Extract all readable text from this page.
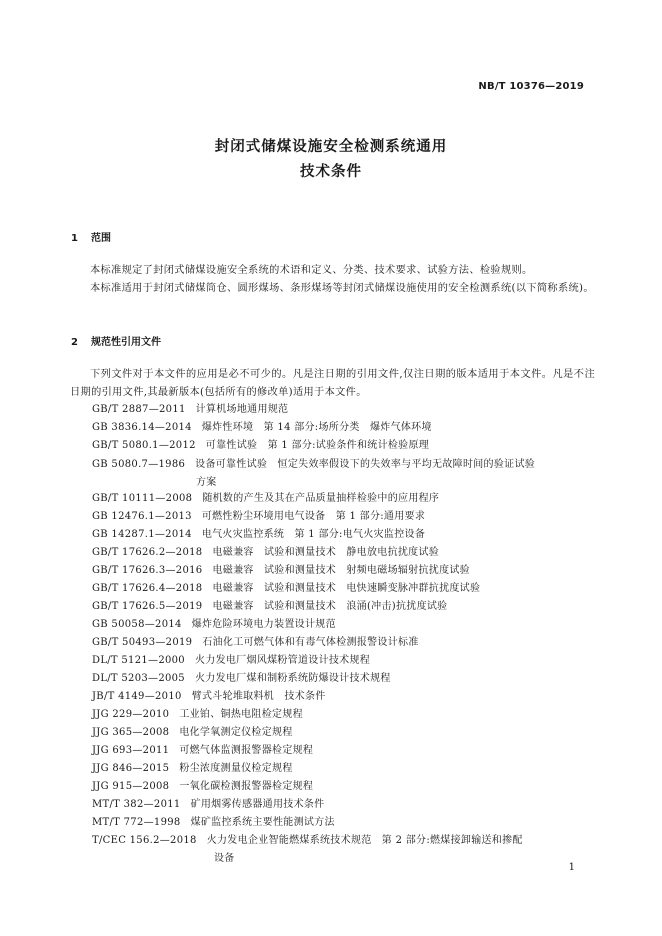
NB/T 10376—2019
封闭式储煤设施安全检测系统通用
技术条件
1 范围
本标准规定了封闭式储煤设施安全系统的术语和定义、分类、技术要求、试验方法、检验规则。
本标准适用于封闭式储煤筒仓、圆形煤场、条形煤场等封闭式储煤设施使用的安全检测系统(以下简称系统)。
2 规范性引用文件
下列文件对于本文件的应用是必不可少的。凡是注日期的引用文件,仅注日期的版本适用于本文件。凡是不注日期的引用文件,其最新版本(包括所有的修改单)适用于本文件。
GB/T 2887—2011 计算机场地通用规范
GB 3836.14—2014 爆炸性环境　第 14 部分:场所分类　爆炸气体环境
GB/T 5080.1—2012 可靠性试验　第 1 部分:试验条件和统计检验原理
GB 5080.7—1986 设备可靠性试验　恒定失效率假设下的失效率与平均无故障时间的验证试验
方案
GB/T 10111—2008 随机数的产生及其在产品质量抽样检验中的应用程序
GB 12476.1—2013 可燃性粉尘环境用电气设备　第 1 部分:通用要求
GB 14287.1—2014 电气火灾监控系统　第 1 部分:电气火灾监控设备
GB/T 17626.2—2018 电磁兼容　试验和测量技术　静电放电抗扰度试验
GB/T 17626.3—2016 电磁兼容　试验和测量技术　射频电磁场辐射抗扰度试验
GB/T 17626.4—2018 电磁兼容　试验和测量技术　电快速瞬变脉冲群抗扰度试验
GB/T 17626.5—2019 电磁兼容　试验和测量技术　浪涌(冲击)抗扰度试验
GB 50058—2014 爆炸危险环境电力装置设计规范
GB/T 50493—2019 石油化工可燃气体和有毒气体检测报警设计标准
DL/T 5121—2000 火力发电厂烟风煤粉管道设计技术规程
DL/T 5203—2005 火力发电厂煤和制粉系统防爆设计技术规程
JB/T 4149—2010 臂式斗轮堆取料机　技术条件
JJG 229—2010 工业铂、铜热电阻检定规程
JJG 365—2008 电化学氧测定仪检定规程
JJG 693—2011 可燃气体监测报警器检定规程
JJG 846—2015 粉尘浓度测量仪检定规程
JJG 915—2008 一氧化碳检测报警器检定规程
MT/T 382—2011 矿用烟雾传感器通用技术条件
MT/T 772—1998 煤矿监控系统主要性能测试方法
T/CEC 156.2—2018 火力发电企业智能燃煤系统技术规范　第 2 部分:燃煤接卸输送和掺配
设备
1
